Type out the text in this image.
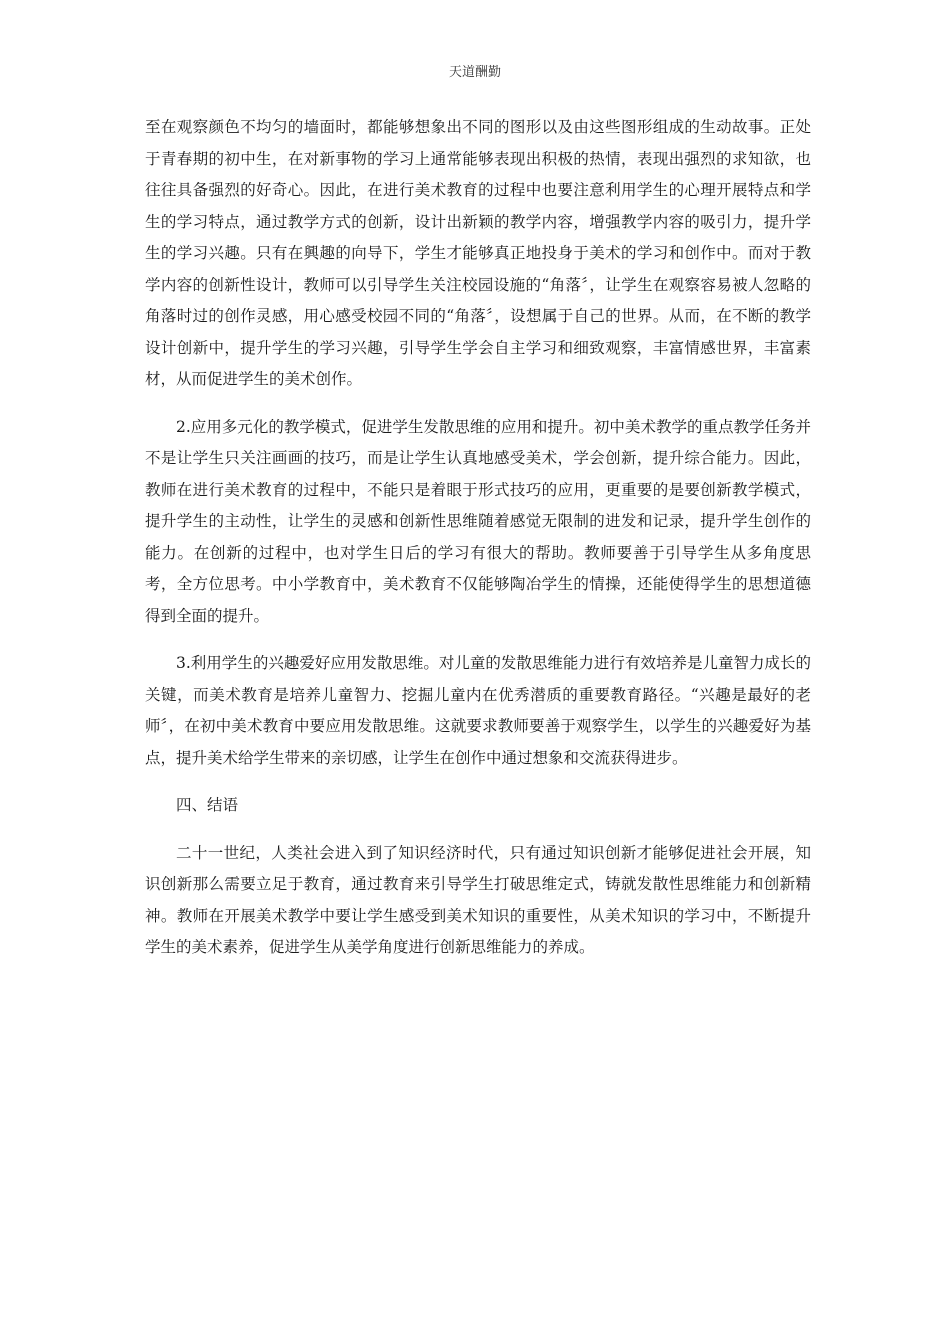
天道酬勤

至在观察颜色不均匀的墙面时，都能够想象出不同的图形以及由这些图形组成的生动故事。正处于青春期的初中生，在对新事物的学习上通常能够表现出积极的热情，表现出强烈的求知欲，也往往具备强烈的好奇心。因此，在进行美术教育的过程中也要注意利用学生的心理开展特点和学生的学习特点，通过教学方式的创新，设计出新颖的教学内容，增强教学内容的吸引力，提升学生的学习兴趣。只有在興趣的向导下，学生才能够真正地投身于美术的学习和创作中。而对于教学内容的创新性设计，教师可以引导学生关注校园设施的“角落〞，让学生在观察容易被人忽略的角落时过的创作灵感，用心感受校园不同的“角落〞，设想属于自己的世界。从而，在不断的教学设计创新中，提升学生的学习兴趣，引导学生学会自主学习和细致观察，丰富情感世界，丰富素材，从而促进学生的美术创作。

2.应用多元化的教学模式，促进学生发散思维的应用和提升。初中美术教学的重点教学任务并不是让学生只关注画画的技巧，而是让学生认真地感受美术，学会创新，提升综合能力。因此，教师在进行美术教育的过程中，不能只是着眼于形式技巧的应用，更重要的是要创新教学模式，提升学生的主动性，让学生的灵感和创新性思维随着感觉无限制的进发和记录，提升学生创作的能力。在创新的过程中，也对学生日后的学习有很大的帮助。教师要善于引导学生从多角度思考，全方位思考。中小学教育中，美术教育不仅能够陶冶学生的情操，还能使得学生的思想道德得到全面的提升。

3.利用学生的兴趣爱好应用发散思维。对儿童的发散思维能力进行有效培养是儿童智力成长的关键，而美术教育是培养儿童智力、挖掘儿童内在优秀潜质的重要教育路径。“兴趣是最好的老师〞，在初中美术教育中要应用发散思维。这就要求教师要善于观察学生，以学生的兴趣爱好为基点，提升美术给学生带来的亲切感，让学生在创作中通过想象和交流获得进步。

四、结语

二十一世纪，人类社会进入到了知识经济时代，只有通过知识创新才能够促进社会开展，知识创新那么需要立足于教育，通过教育来引导学生打破思维定式，铸就发散性思维能力和创新精神。教师在开展美术教学中要让学生感受到美术知识的重要性，从美术知识的学习中，不断提升学生的美术素养，促进学生从美学角度进行创新思维能力的养成。
